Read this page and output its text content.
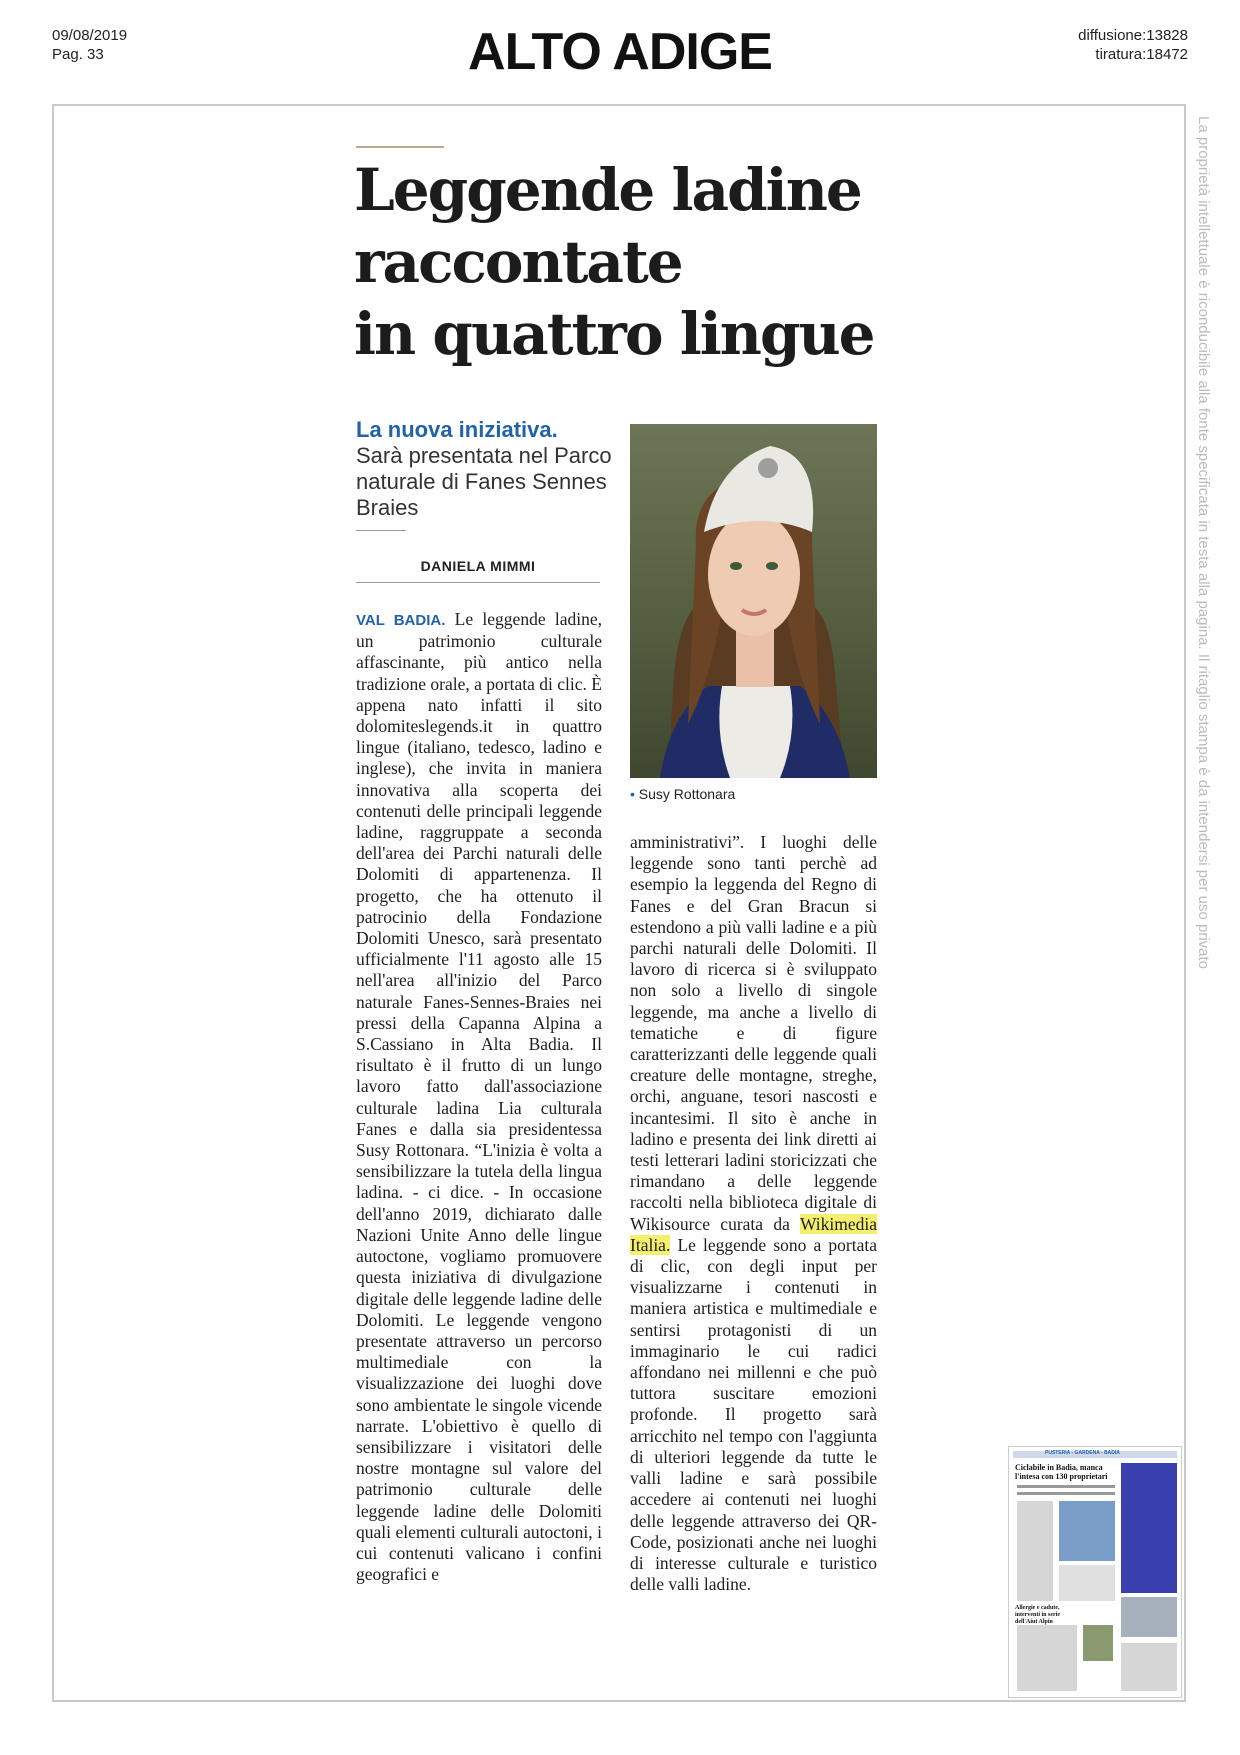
09/08/2019
Pag. 33	ALTO ADIGE	diffusione:13828
tiratura:18472
La proprietà intellettuale è riconducibile alla fonte specificata in testa alla pagina. Il ritaglio stampa è da intendersi per uso privato
Leggende ladine
raccontate
in quattro lingue
La nuova iniziativa.
Sarà presentata nel Parco naturale di Fanes Sennes Braies
DANIELA MIMMI

VAL BADIA. Le leggende ladine, un patrimonio culturale affascinante, più antico nella tradizione orale, a portata di clic. È appena nato infatti il sito dolomiteslegends.it in quattro lingue (italiano, tedesco, ladino e inglese), che invita in maniera innovativa alla scoperta dei contenuti delle principali leggende ladine, raggruppate a seconda dell'area dei Parchi naturali delle Dolomiti di appartenenza. Il progetto, che ha ottenuto il patrocinio della Fondazione Dolomiti Unesco, sarà presentato ufficialmente l'11 agosto alle 15 nell'area all'inizio del Parco naturale Fanes-Sennes-Braies nei pressi della Capanna Alpina a S.Cassiano in Alta Badia. Il risultato è il frutto di un lungo lavoro fatto dall'associazione culturale ladina Lia culturala Fanes e dalla sia presidentessa Susy Rottonara. “L'inizia è volta a sensibilizzare la tutela della lingua ladina. - ci dice. - In occasione dell'anno 2019, dichiarato dalle Nazioni Unite Anno delle lingue autoctone, vogliamo promuovere questa iniziativa di divulgazione digitale delle leggende ladine delle Dolomiti. Le leggende vengono presentate attraverso un percorso multimediale con la visualizzazione dei luoghi dove sono ambientate le singole vicende narrate. L'obiettivo è quello di sensibilizzare i visitatori delle nostre montagne sul valore del patrimonio culturale delle leggende ladine delle Dolomiti quali elementi culturali autoctoni, i cui contenuti valicano i confini geografici e

• Susy Rottonara

amministrativi”. I luoghi delle leggende sono tanti perchè ad esempio la leggenda del Regno di Fanes e del Gran Bracun si estendono a più valli ladine e a più parchi naturali delle Dolomiti. Il lavoro di ricerca si è sviluppato non solo a livello di singole leggende, ma anche a livello di tematiche e di figure caratterizzanti delle leggende quali creature delle montagne, streghe, orchi, anguane, tesori nascosti e incantesimi. Il sito è anche in ladino e presenta dei link diretti ai testi letterari ladini storicizzati che rimandano a delle leggende raccolti nella biblioteca digitale di Wikisource curata da Wikimedia Italia. Le leggende sono a portata di clic, con degli input per visualizzarne i contenuti in maniera artistica e multimediale e sentirsi protagonisti di un immaginario le cui radici affondano nei millenni e che può tuttora suscitare emozioni profonde. Il progetto sarà arricchito nel tempo con l'aggiunta di ulteriori leggende da tutte le valli ladine e sarà possibile accedere ai contenuti nei luoghi delle leggende attraverso dei QR-Code, posizionati anche nei luoghi di interesse culturale e turistico delle valli ladine.

PUSTERIA - GARDENA - BADIA
Ciclabile in Badia, manca l'intesa con 130 proprietari
Allergie e cadute, interventi in serie dell'Aiut Alpin
